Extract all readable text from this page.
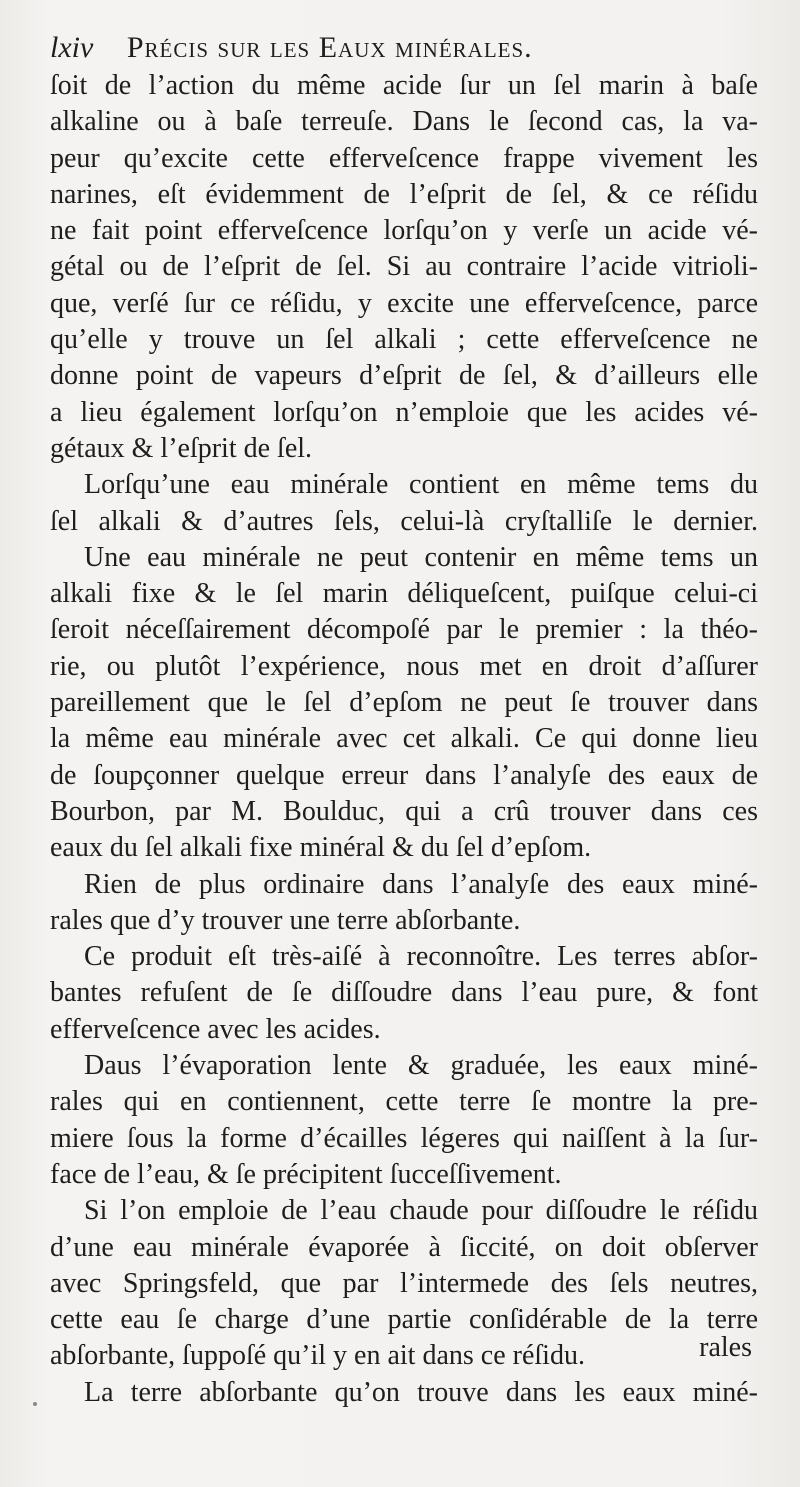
lxiv Précis sur les Eaux minérales.
ſoit de l’action du même acide ſur un ſel marin à baſe
alkaline ou à baſe terreuſe. Dans le ſecond cas, la va-
peur qu’excite cette efferveſcence frappe vivement les
narines, eſt évidemment de l’eſprit de ſel, & ce réſidu
ne fait point efferveſcence lorſqu’on y verſe un acide vé-
gétal ou de l’eſprit de ſel. Si au contraire l’acide vitrioli-
que, verſé ſur ce réſidu, y excite une efferveſcence, parce
qu’elle y trouve un ſel alkali ; cette efferveſcence ne
donne point de vapeurs d’eſprit de ſel, & d’ailleurs elle
a lieu également lorſqu’on n’emploie que les acides vé-
gétaux & l’eſprit de ſel.
Lorſqu’une eau minérale contient en même tems du
ſel alkali & d’autres ſels, celui-là cryſtalliſe le dernier.
Une eau minérale ne peut contenir en même tems un
alkali fixe & le ſel marin déliqueſcent, puiſque celui-ci
ſeroit néceſſairement décompoſé par le premier : la théo-
rie, ou plutôt l’expérience, nous met en droit d’aſſurer
pareillement que le ſel d’epſom ne peut ſe trouver dans
la même eau minérale avec cet alkali. Ce qui donne lieu
de ſoupçonner quelque erreur dans l’analyſe des eaux de
Bourbon, par M. Boulduc, qui a crû trouver dans ces
eaux du ſel alkali fixe minéral & du ſel d’epſom.
Rien de plus ordinaire dans l’analyſe des eaux miné-
rales que d’y trouver une terre abſorbante.
Ce produit eſt très-aiſé à reconnoître. Les terres abſor-
bantes refuſent de ſe diſſoudre dans l’eau pure, & font
efferveſcence avec les acides.
Daus l’évaporation lente & graduée, les eaux miné-
rales qui en contiennent, cette terre ſe montre la pre-
miere ſous la forme d’écailles légeres qui naiſſent à la ſur-
face de l’eau, & ſe précipitent ſucceſſivement.
Si l’on emploie de l’eau chaude pour diſſoudre le réſidu
d’une eau minérale évaporée à ſiccité, on doit obſerver
avec Springsfeld, que par l’intermede des ſels neutres,
cette eau ſe charge d’une partie conſidérable de la terre
abſorbante, ſuppoſé qu’il y en ait dans ce réſidu.
La terre abſorbante qu’on trouve dans les eaux miné-
rales
